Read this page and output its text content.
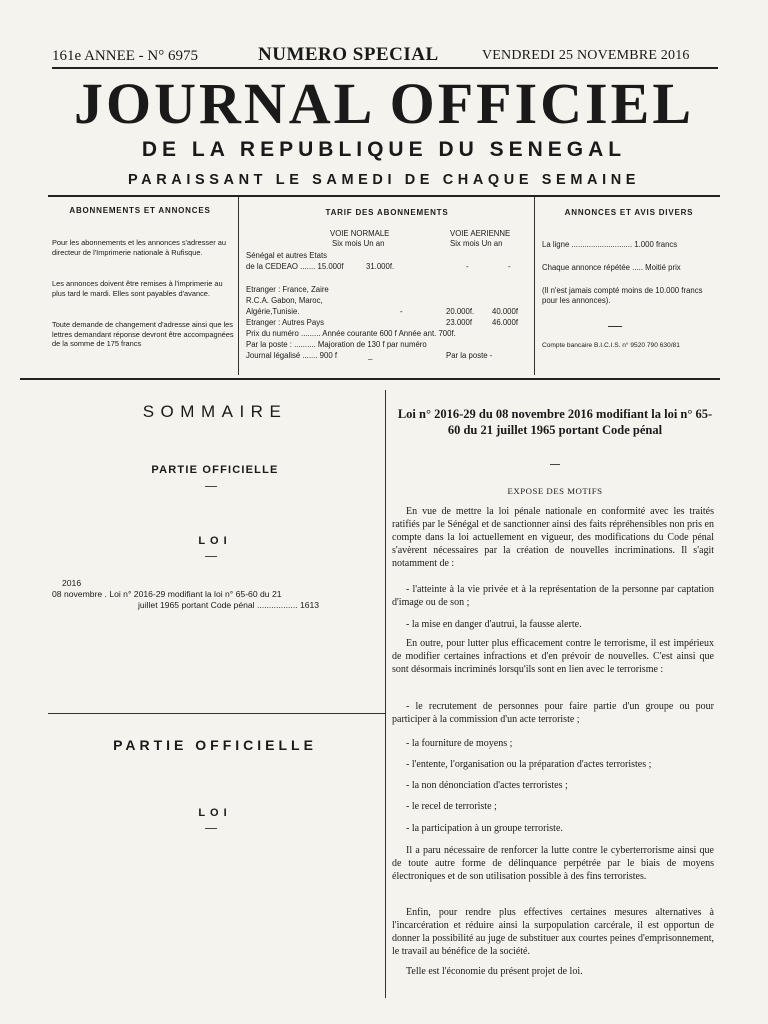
161e ANNEE - N° 6975	NUMERO SPECIAL	VENDREDI 25 NOVEMBRE 2016
JOURNAL OFFICIEL
DE LA REPUBLIQUE DU SENEGAL
PARAISSANT LE SAMEDI DE CHAQUE SEMAINE
ABONNEMENTS ET ANNONCES
Pour les abonnements et les annonces s'adresser au directeur de l'Imprimerie nationale à Rufisque.
Les annonces doivent être remises à l'imprimerie au plus tard le mardi. Elles sont payables d'avance.
Toute demande de changement d'adresse ainsi que les lettres demandant réponse devront être accompagnées de la somme de 175 francs
TARIF DES ABONNEMENTS
VOIE NORMALE	VOIE AERIENNE
Six mois Un an	Six mois Un an
Sénégal et autres Etats
de la CEDEAO ....... 15.000f	31.000f.	-	-
Etranger : France, Zaire
R.C.A. Gabon, Maroc,
Algérie,Tunisie.	-	20.000f. 40.000f
Etranger : Autres Pays	23.000f	46.000f
Prix du numéro ......... Année courante 600 f Année ant. 700f.
Par la poste : .......... Majoration de 130 f par numéro
Journal légalisé ....... 900 f	_	Par la poste -
ANNONCES ET AVIS DIVERS
La ligne ............................ 1.000 francs
Chaque annonce répétée ..... Moitié prix
(Il n'est jamais compté moins de 10.000 francs pour les annonces).
Compte bancaire B.I.C.I.S. n° 9520 790 630/81
SOMMAIRE
PARTIE OFFICIELLE
LOI
2016
08 novembre . Loi n° 2016-29 modifiant la loi n° 65-60 du 21
juillet 1965 portant Code pénal ................. 1613
PARTIE OFFICIELLE
LOI
Loi n° 2016-29 du 08 novembre 2016 modifiant la loi n° 65-60 du 21 juillet 1965 portant Code pénal
EXPOSE DES MOTIFS
En vue de mettre la loi pénale nationale en conformité avec les traités ratifiés par le Sénégal et de sanctionner ainsi des faits répréhensibles non pris en compte dans la loi actuellement en vigueur, des modifications du Code pénal s'avèrent nécessaires par la création de nouvelles incriminations. Il s'agit notamment de :
- l'atteinte à la vie privée et à la représentation de la personne par captation d'image ou de son ;
- la mise en danger d'autrui, la fausse alerte.
En outre, pour lutter plus efficacement contre le terrorisme, il est impérieux de modifier certaines infractions et d'en prévoir de nouvelles. C'est ainsi que sont désormais incriminés lorsqu'ils sont en lien avec le terrorisme :
- le recrutement de personnes pour faire partie d'un groupe ou pour participer à la commission d'un acte terroriste ;
- la fourniture de moyens ;
- l'entente, l'organisation ou la préparation d'actes terroristes ;
- la non dénonciation d'actes terroristes ;
- le recel de terroriste ;
- la participation à un groupe terroriste.
Il a paru nécessaire de renforcer la lutte contre le cyberterrorisme ainsi que de toute autre forme de délinquance perpétrée par le biais de moyens électroniques et de son utilisation possible à des fins terroristes.
Enfin, pour rendre plus effectives certaines mesures alternatives à l'incarcération et réduire ainsi la surpopulation carcérale, il est opportun de donner la possibilité au juge de substituer aux courtes peines d'emprisonnement, le travail au bénéfice de la société.
Telle est l'économie du présent projet de loi.
